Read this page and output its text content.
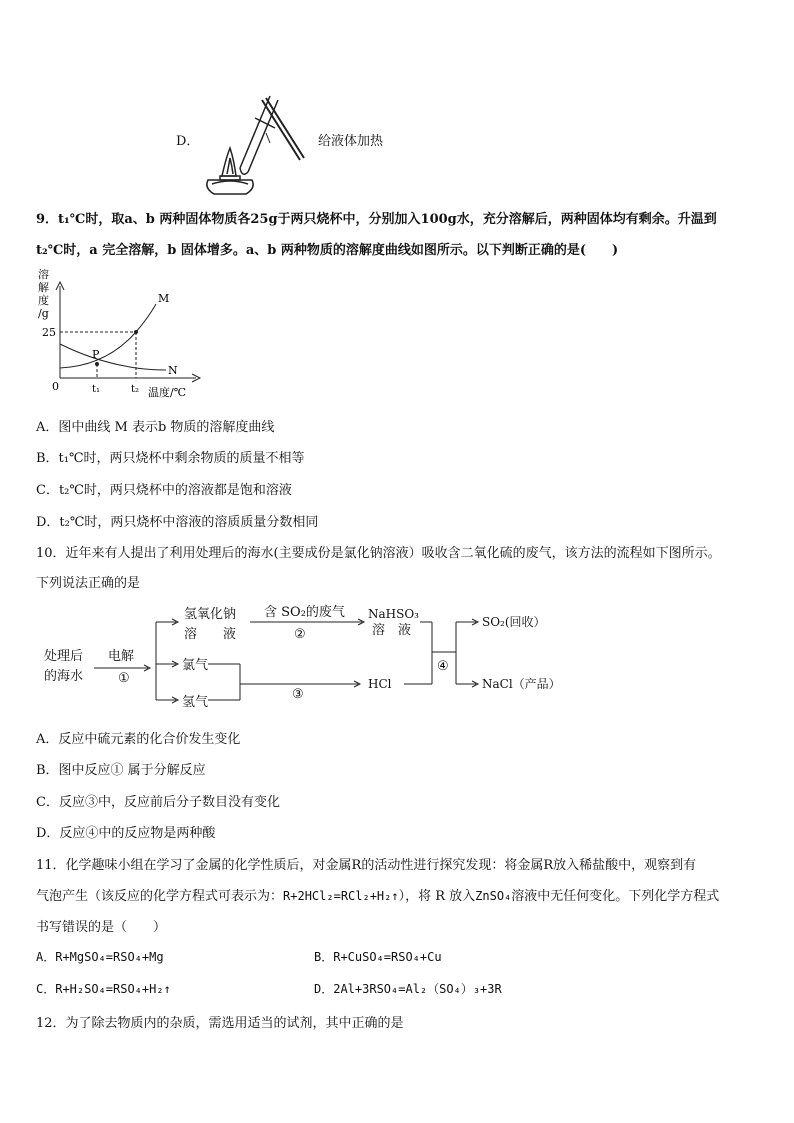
D．	给液体加热
9．t₁℃时，取a、b 两种固体物质各25g于两只烧杯中，分别加入100g水，充分溶解后，两种固体均有剩余。升温到
t₂℃时，a 完全溶解，b 固体增多。a、b 两种物质的溶解度曲线如图所示。以下判断正确的是(　　)
溶
解
度
/g
25
0
P
M
N
t₁	t₂ 温度/℃
A．图中曲线 M 表示b 物质的溶解度曲线
B．t₁℃时，两只烧杯中剩余物质的质量不相等
C．t₂℃时，两只烧杯中的溶液都是饱和溶液
D．t₂℃时，两只烧杯中溶液的溶质质量分数相同
10．近年来有人提出了利用处理后的海水(主要成份是氯化钠溶液）吸收含二氧化硫的废气，该方法的流程如下图所示。
下列说法正确的是
处理后
的海水
电解
①
氢氧化钠
溶　　液
含 SO₂的废气
②
NaHSO₃
溶　液
氯气
氢气
③
HCl
④
SO₂(回收）
NaCl（产品）
A．反应中硫元素的化合价发生变化
B．图中反应① 属于分解反应
C．反应③中，反应前后分子数目没有变化
D．反应④中的反应物是两种酸
11．化学趣味小组在学习了金属的化学性质后，对金属R的活动性进行探究发现：将金属R放入稀盐酸中，观察到有
气泡产生（该反应的化学方程式可表示为：R+2HCl₂=RCl₂+H₂↑），将 R 放入ZnSO₄溶液中无任何变化。下列化学方程式
书写错误的是（　　）
A．R+MgSO₄=RSO₄+Mg	B．R+CuSO₄=RSO₄+Cu
C．R+H₂SO₄=RSO₄+H₂↑	D．2Al+3RSO₄=Al₂（SO₄）₃+3R
12．为了除去物质内的杂质，需选用适当的试剂，其中正确的是
